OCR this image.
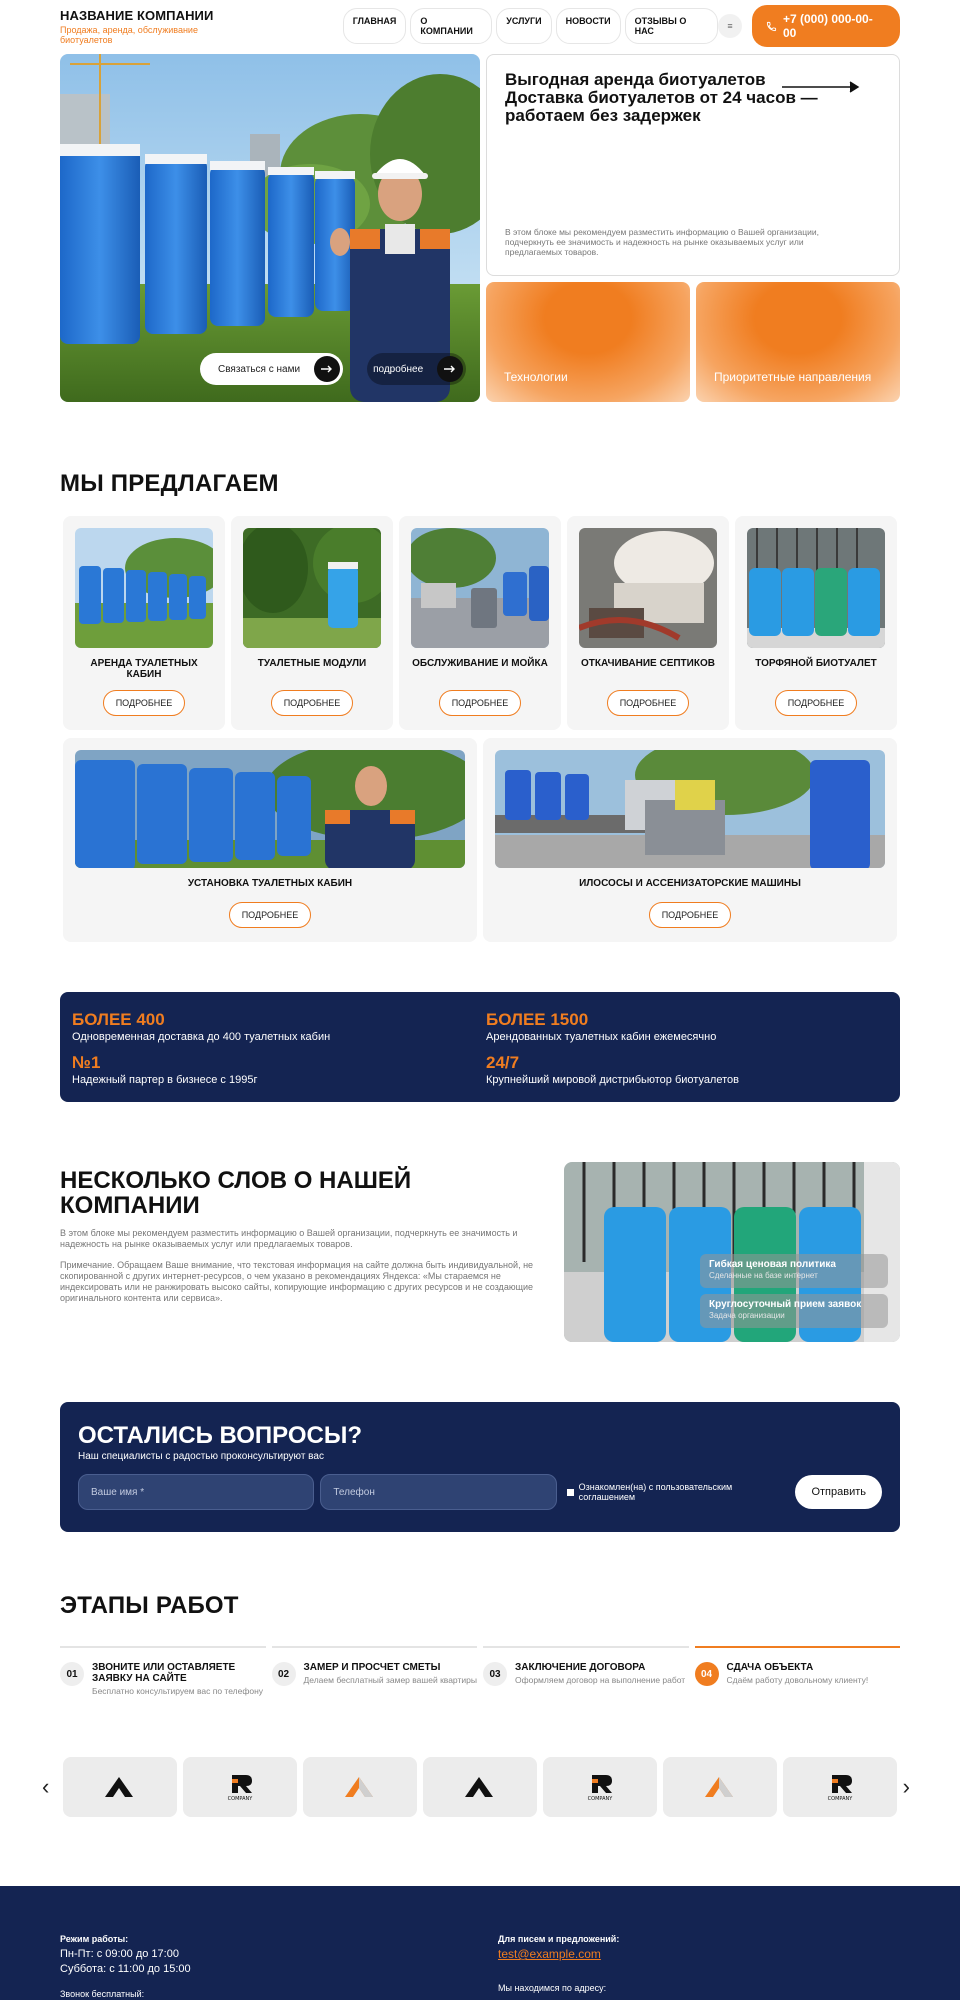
НАЗВАНИЕ КОМПАНИИ
Продажа, аренда, обслуживание биотуалетов
ГЛАВНАЯ	О КОМПАНИИ
УСЛУГИ	НОВОСТИ	ОТЗЫВЫ О НАС	≡	+7 (000) 000-00-00
Связаться с нами	подробнее
Выгодная аренда биотуалетов Доставка биотуалетов от 24 часов — работаем без задержек
В этом блоке мы рекомендуем разместить информацию о Вашей организации, подчеркнуть ее значимость и надежность на рынке оказываемых услуг или предлагаемых товаров.
Технологии	Приоритетные направления
МЫ ПРЕДЛАГАЕМ
АРЕНДА ТУАЛЕТНЫХ КАБИН
ПОДРОБНЕЕ
ТУАЛЕТНЫЕ МОДУЛИ
ПОДРОБНЕЕ
ОБСЛУЖИВАНИЕ И МОЙКА
ПОДРОБНЕЕ
ОТКАЧИВАНИЕ СЕПТИКОВ
ПОДРОБНЕЕ
ТОРФЯНОЙ БИОТУАЛЕТ
ПОДРОБНЕЕ
УСТАНОВКА ТУАЛЕТНЫХ КАБИН
ПОДРОБНЕЕ
ИЛОСОСЫ И АССЕНИЗАТОРСКИЕ МАШИНЫ
ПОДРОБНЕЕ
БОЛЕЕ 400
Одновременная доставка до 400 туалетных кабин
БОЛЕЕ 1500
Арендованных туалетных кабин ежемесячно
№1
Надежный партер в бизнесе с 1995г
24/7
Крупнейший мировой дистрибьютор биотуалетов
НЕСКОЛЬКО СЛОВ О НАШЕЙ КОМПАНИИ
В этом блоке мы рекомендуем разместить информацию о Вашей организации, подчеркнуть ее значимость и надежность на рынке оказываемых услуг или предлагаемых товаров.
Примечание. Обращаем Ваше внимание, что текстовая информация на сайте должна быть индивидуальной, не скопированной с других интернет-ресурсов, о чем указано в рекомендациях Яндекса: «Мы стараемся не индексировать или не ранжировать высоко сайты, копирующие информацию с других ресурсов и не создающие оригинального контента или сервиса».
Гибкая ценовая политика
Сделанные на базе интернет
Круглосуточный прием заявок
Задача организации
ОСТАЛИСЬ ВОПРОСЫ?
Наш специалисты с радостью проконсультируют вас
Ваше имя *	Телефон	Ознакомлен(на) с пользовательским соглашением	Отправить
ЭТАПЫ РАБОТ
01
ЗВОНИТЕ ИЛИ ОСТАВЛЯЕТЕ ЗАЯВКУ НА САЙТЕ
Бесплатно консультируем вас по телефону
02
ЗАМЕР И ПРОСЧЕТ СМЕТЫ
Делаем бесплатный замер вашей квартиры
03
ЗАКЛЮЧЕНИЕ ДОГОВОРА
Оформляем договор на выполнение работ
04
СДАЧА ОБЪЕКТА
Сдаём работу довольному клиенту!
‹	COMPANY	COMPANY	COMPANY ›
Режим работы:
Пн-Пт: с 09:00 до 17:00
Суббота: с 11:00 до 15:00
Звонок бесплатный:
Для писем и предложений:
test@example.com
Мы находимся по адресу:
